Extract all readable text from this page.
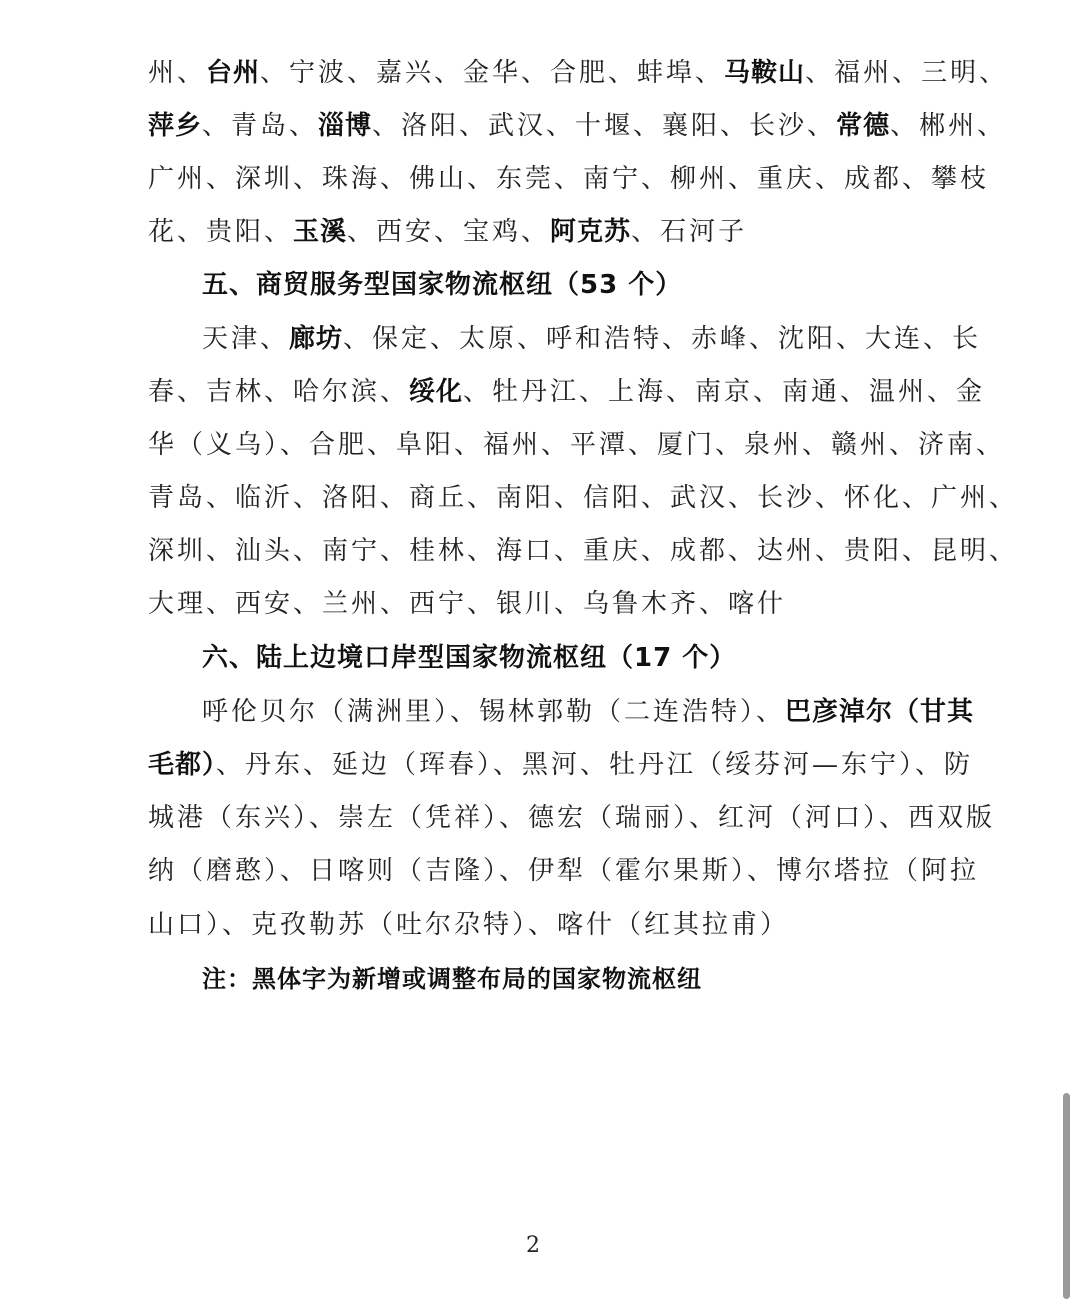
州、台州、宁波、嘉兴、金华、合肥、蚌埠、马鞍山、福州、三明、
萍乡、青岛、淄博、洛阳、武汉、十堰、襄阳、长沙、常德、郴州、
广州、深圳、珠海、佛山、东莞、南宁、柳州、重庆、成都、攀枝
花、贵阳、玉溪、西安、宝鸡、阿克苏、石河子
五、商贸服务型国家物流枢纽（53 个）
天津、廊坊、保定、太原、呼和浩特、赤峰、沈阳、大连、长
春、吉林、哈尔滨、绥化、牡丹江、上海、南京、南通、温州、金
华（义乌）、合肥、阜阳、福州、平潭、厦门、泉州、赣州、济南、
青岛、临沂、洛阳、商丘、南阳、信阳、武汉、长沙、怀化、广州、
深圳、汕头、南宁、桂林、海口、重庆、成都、达州、贵阳、昆明、
大理、西安、兰州、西宁、银川、乌鲁木齐、喀什
六、陆上边境口岸型国家物流枢纽（17 个）
呼伦贝尔（满洲里）、锡林郭勒（二连浩特）、巴彦淖尔（甘其
毛都）、丹东、延边（珲春）、黑河、牡丹江（绥芬河—东宁）、防
城港（东兴）、崇左（凭祥）、德宏（瑞丽）、红河（河口）、西双版
纳（磨憨）、日喀则（吉隆）、伊犁（霍尔果斯）、博尔塔拉（阿拉
山口）、克孜勒苏（吐尔尕特）、喀什（红其拉甫）
注：黑体字为新增或调整布局的国家物流枢纽
2
